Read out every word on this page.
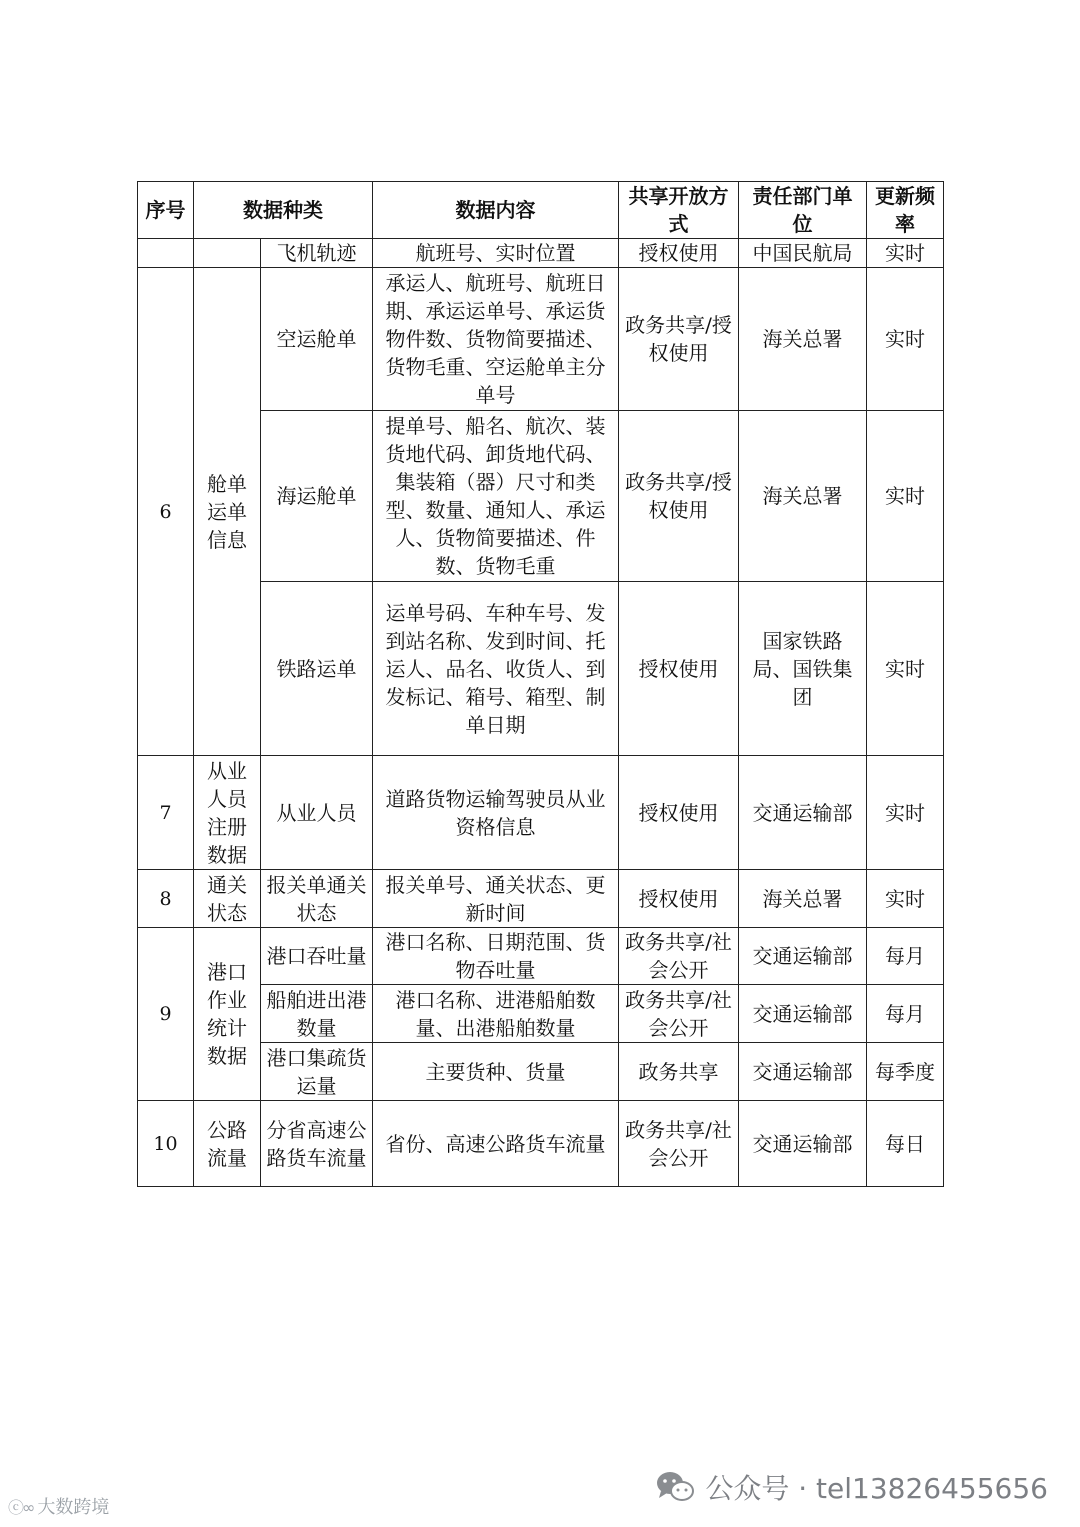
序号	数据种类		数据内容	共享开放方式	责任部门单位	更新频率
		飞机轨迹	航班号、实时位置	授权使用	中国民航局	实时
6	舱单运单信息	空运舱单	承运人、航班号、航班日期、承运运单号、承运货物件数、货物简要描述、货物毛重、空运舱单主分单号	政务共享/授权使用	海关总署	实时
		海运舱单	提单号、船名、航次、装货地代码、卸货地代码、集装箱（器）尺寸和类型、数量、通知人、承运人、货物简要描述、件数、货物毛重	政务共享/授权使用	海关总署	实时
		铁路运单	运单号码、车种车号、发到站名称、发到时间、托运人、品名、收货人、到发标记、箱号、箱型、制单日期	授权使用	国家铁路局、国铁集团	实时
7	从业人员注册数据	从业人员	道路货物运输驾驶员从业资格信息	授权使用	交通运输部	实时
8	通关状态	报关单通关状态	报关单号、通关状态、更新时间	授权使用	海关总署	实时
9	港口作业统计数据	港口吞吐量	港口名称、日期范围、货物吞吐量	政务共享/社会公开	交通运输部	每月
		船舶进出港数量	港口名称、进港船舶数量、出港船舶数量	政务共享/社会公开	交通运输部	每月
		港口集疏货运量	主要货种、货量	政务共享	交通运输部	每季度
10	公路流量	分省高速公路货车流量	省份、高速公路货车流量	政务共享/社会公开	交通运输部	每日
ⓒ∞ 大数跨境
公众号 · tel13826455656
